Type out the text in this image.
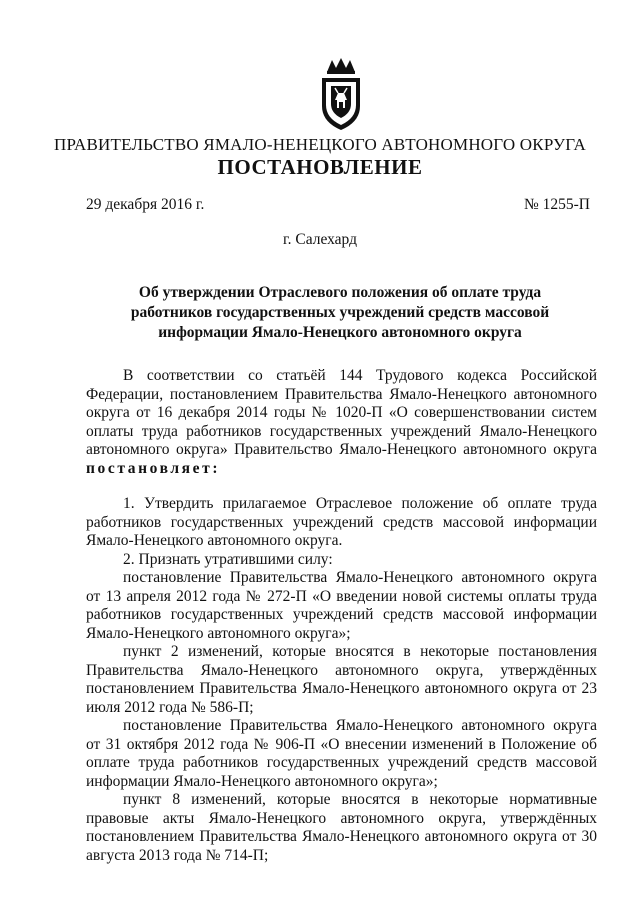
ПРАВИТЕЛЬСТВО ЯМАЛО-НЕНЕЦКОГО АВТОНОМНОГО ОКРУГА
ПОСТАНОВЛЕНИЕ
29 декабря 2016 г.	№ 1255-П
г. Салехард
Об утверждении Отраслевого положения об оплате труда работников государственных учреждений средств массовой информации Ямало-Ненецкого автономного округа

В соответствии со статьёй 144 Трудового кодекса Российской Федерации, постановлением Правительства Ямало-Ненецкого автономного округа от 16 декабря 2014 годы № 1020-П «О совершенствовании систем оплаты труда работников государственных учреждений Ямало-Ненецкого автономного округа» Правительство Ямало-Ненецкого автономного округа постановляет:

1. Утвердить прилагаемое Отраслевое положение об оплате труда работников государственных учреждений средств массовой информации Ямало-Ненецкого автономного округа.

2. Признать утратившими силу:

постановление Правительства Ямало-Ненецкого автономного округа от 13 апреля 2012 года № 272-П «О введении новой системы оплаты труда работников государственных учреждений средств массовой информации Ямало-Ненецкого автономного округа»;

пункт 2 изменений, которые вносятся в некоторые постановления Правительства Ямало-Ненецкого автономного округа, утверждённых постановлением Правительства Ямало-Ненецкого автономного округа от 23 июля 2012 года № 586-П;

постановление Правительства Ямало-Ненецкого автономного округа от 31 октября 2012 года № 906-П «О внесении изменений в Положение об оплате труда работников государственных учреждений средств массовой информации Ямало-Ненецкого автономного округа»;

пункт 8 изменений, которые вносятся в некоторые нормативные правовые акты Ямало-Ненецкого автономного округа, утверждённых постановлением Правительства Ямало-Ненецкого автономного округа от 30 августа 2013 года № 714-П;
